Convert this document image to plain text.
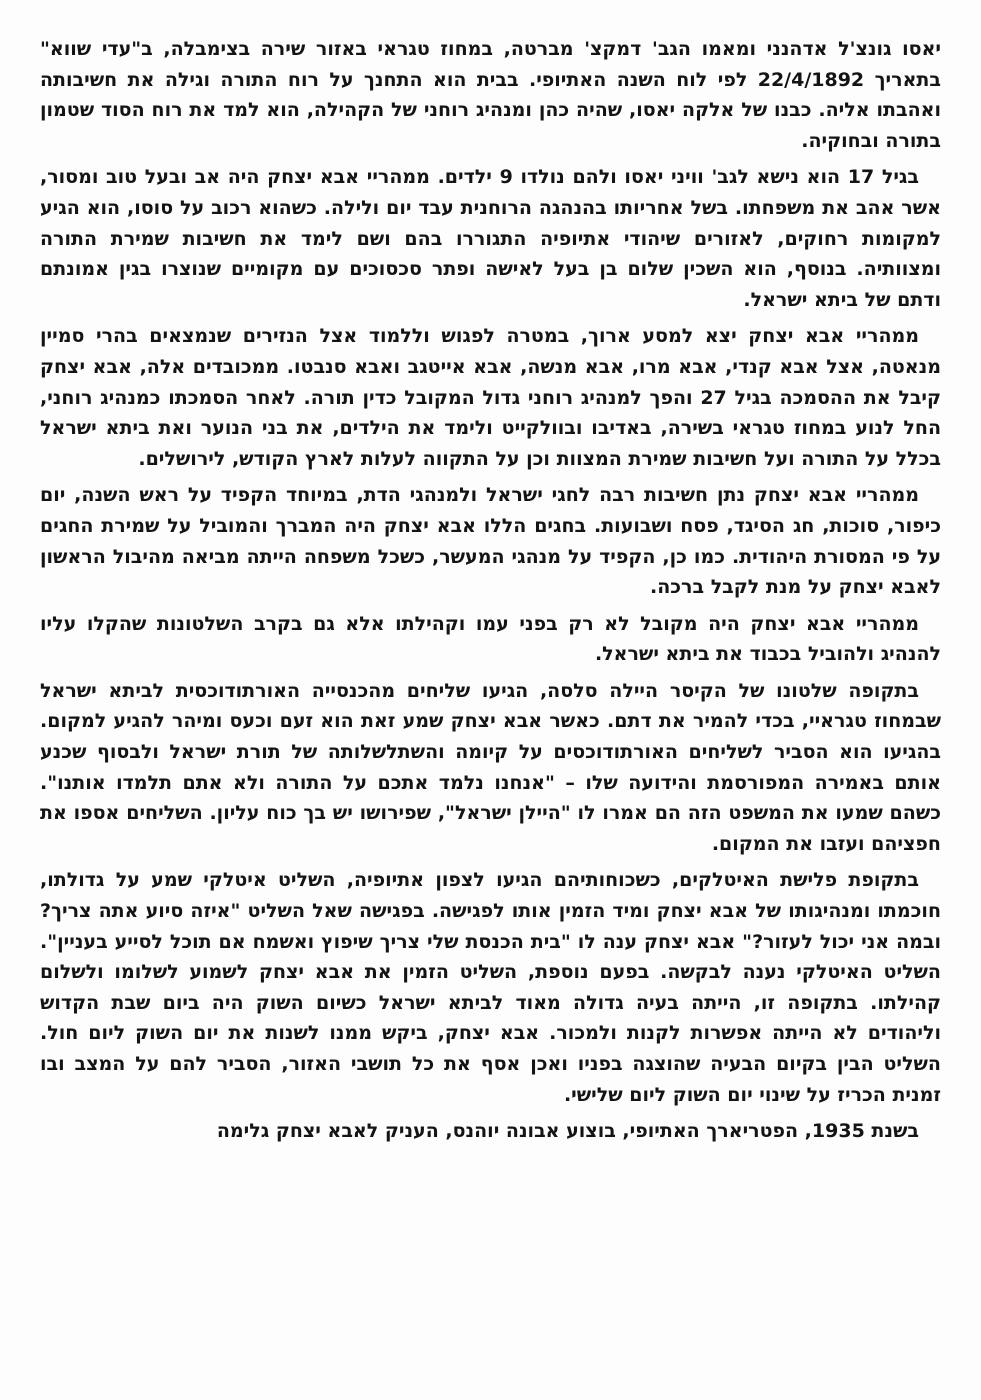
יאסו גונצ'ל אדהנני ומאמו הגב' דמקצ' מברטה, במחוז טגראי באזור שירה בצימבלה, ב"עדי שווא" בתאריך 22/4/1892 לפי לוח השנה האתיופי. בבית הוא התחנך על רוח התורה וגילה את חשיבותה ואהבתו אליה. כבנו של אלקה יאסו, שהיה כהן ומנהיג רוחני של הקהילה, הוא למד את רוח הסוד שטמון בתורה ובחוקיה.

בגיל 17 הוא נישא לגב' וויני יאסו ולהם נולדו 9 ילדים. ממהריי אבא יצחק היה אב ובעל טוב ומסור, אשר אהב את משפחתו. בשל אחריותו בהנהגה הרוחנית עבד יום ולילה. כשהוא רכוב על סוסו, הוא הגיע למקומות רחוקים, לאזורים שיהודי אתיופיה התגוררו בהם ושם לימד את חשיבות שמירת התורה ומצוותיה. בנוסף, הוא השכין שלום בן בעל לאישה ופתר סכסוכים עם מקומיים שנוצרו בגין אמונתם ודתם של ביתא ישראל.

ממהריי אבא יצחק יצא למסע ארוך, במטרה לפגוש וללמוד אצל הנזירים שנמצאים בהרי סמיין מנאטה, אצל אבא קנדי, אבא מרו, אבא מנשה, אבא אייטגב ואבא סנבטו. ממכובדים אלה, אבא יצחק קיבל את ההסמכה בגיל 27 והפך למנהיג רוחני גדול המקובל כדין תורה. לאחר הסמכתו כמנהיג רוחני, החל לנוע במחוז טגראי בשירה, באדיבו ובוולקייט ולימד את הילדים, את בני הנוער ואת ביתא ישראל בכלל על התורה ועל חשיבות שמירת המצוות וכן על התקווה לעלות לארץ הקודש, לירושלים.

ממהריי אבא יצחק נתן חשיבות רבה לחגי ישראל ולמנהגי הדת, במיוחד הקפיד על ראש השנה, יום כיפור, סוכות, חג הסיגד, פסח ושבועות. בחגים הללו אבא יצחק היה המברך והמוביל על שמירת החגים על פי המסורת היהודית. כמו כן, הקפיד על מנהגי המעשר, כשכל משפחה הייתה מביאה מהיבול הראשון לאבא יצחק על מנת לקבל ברכה.

ממהריי אבא יצחק היה מקובל לא רק בפני עמו וקהילתו אלא גם בקרב השלטונות שהקלו עליו להנהיג ולהוביל בכבוד את ביתא ישראל.

בתקופה שלטונו של הקיסר היילה סלסה, הגיעו שליחים מהכנסייה האורתודוכסית לביתא ישראל שבמחוז טגראיי, בכדי להמיר את דתם. כאשר אבא יצחק שמע זאת הוא זעם וכעס ומיהר להגיע למקום. בהגיעו הוא הסביר לשליחים האורתודוכסים על קיומה והשתלשלותה של תורת ישראל ולבסוף שכנע אותם באמירה המפורסמת והידועה שלו – "אנחנו נלמד אתכם על התורה ולא אתם תלמדו אותנו". כשהם שמעו את המשפט הזה הם אמרו לו "היילן ישראל", שפירושו יש בך כוח עליון. השליחים אספו את חפציהם ועזבו את המקום.

בתקופת פלישת האיטלקים, כשכוחותיהם הגיעו לצפון אתיופיה, השליט איטלקי שמע על גדולתו, חוכמתו ומנהיגותו של אבא יצחק ומיד הזמין אותו לפגישה. בפגישה שאל השליט "איזה סיוע אתה צריך? ובמה אני יכול לעזור?" אבא יצחק ענה לו "בית הכנסת שלי צריך שיפוץ ואשמח אם תוכל לסייע בעניין". השליט האיטלקי נענה לבקשה. בפעם נוספת, השליט הזמין את אבא יצחק לשמוע לשלומו ולשלום קהילתו. בתקופה זו, הייתה בעיה גדולה מאוד לביתא ישראל כשיום השוק היה ביום שבת הקדוש וליהודים לא הייתה אפשרות לקנות ולמכור. אבא יצחק, ביקש ממנו לשנות את יום השוק ליום חול. השליט הבין בקיום הבעיה שהוצגה בפניו ואכן אסף את כל תושבי האזור, הסביר להם על המצב ובו זמנית הכריז על שינוי יום השוק ליום שלישי.

בשנת 1935, הפטריארך האתיופי, בוצוע אבונה יוהנס, העניק לאבא יצחק גלימה
